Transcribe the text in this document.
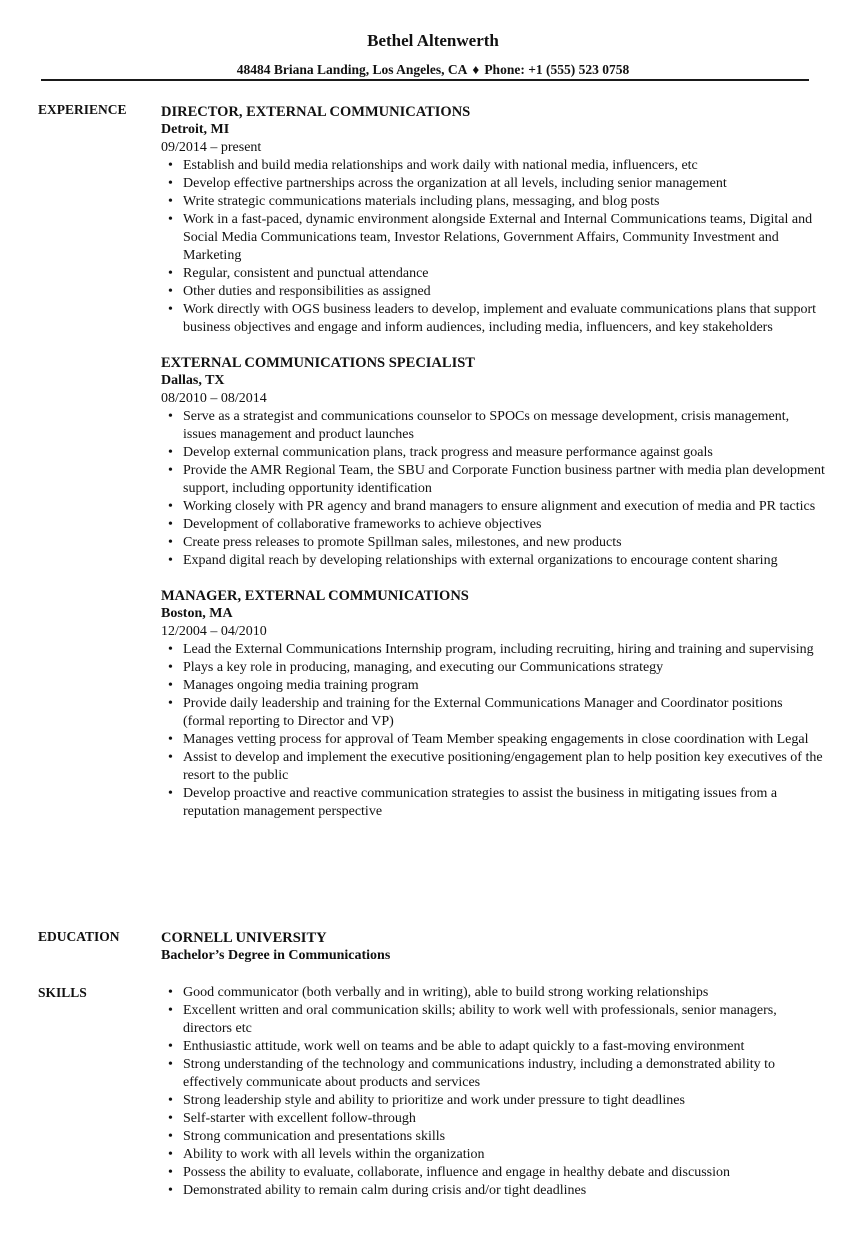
Bethel Altenwerth
48484 Briana Landing, Los Angeles, CA ♦ Phone: +1 (555) 523 0758
EXPERIENCE DIRECTOR, EXTERNAL COMMUNICATIONS
Detroit, MI
09/2014 – present
• Establish and build media relationships and work daily with national media, influencers, etc
• Develop effective partnerships across the organization at all levels, including senior management
• Write strategic communications materials including plans, messaging, and blog posts
• Work in a fast-paced, dynamic environment alongside External and Internal Communications teams, Digital and Social Media Communications team, Investor Relations, Government Affairs, Community Investment and Marketing
• Regular, consistent and punctual attendance
• Other duties and responsibilities as assigned
• Work directly with OGS business leaders to develop, implement and evaluate communications plans that support business objectives and engage and inform audiences, including media, influencers, and key stakeholders
EXTERNAL COMMUNICATIONS SPECIALIST
Dallas, TX
08/2010 – 08/2014
• Serve as a strategist and communications counselor to SPOCs on message development, crisis management, issues management and product launches
• Develop external communication plans, track progress and measure performance against goals
• Provide the AMR Regional Team, the SBU and Corporate Function business partner with media plan development support, including opportunity identification
• Working closely with PR agency and brand managers to ensure alignment and execution of media and PR tactics
• Development of collaborative frameworks to achieve objectives
• Create press releases to promote Spillman sales, milestones, and new products
• Expand digital reach by developing relationships with external organizations to encourage content sharing
MANAGER, EXTERNAL COMMUNICATIONS
Boston, MA
12/2004 – 04/2010
• Lead the External Communications Internship program, including recruiting, hiring and training and supervising
• Plays a key role in producing, managing, and executing our Communications strategy
• Manages ongoing media training program
• Provide daily leadership and training for the External Communications Manager and Coordinator positions (formal reporting to Director and VP)
• Manages vetting process for approval of Team Member speaking engagements in close coordination with Legal
• Assist to develop and implement the executive positioning/engagement plan to help position key executives of the resort to the public
• Develop proactive and reactive communication strategies to assist the business in mitigating issues from a reputation management perspective
EDUCATION	CORNELL UNIVERSITY
Bachelor’s Degree in Communications
SKILLS
•	Good communicator (both verbally and in writing), able to build strong working relationships
• Excellent written and oral communication skills; ability to work well with professionals, senior managers, directors etc
• Enthusiastic attitude, work well on teams and be able to adapt quickly to a fast-moving environment
• Strong understanding of the technology and communications industry, including a demonstrated ability to effectively communicate about products and services
• Strong leadership style and ability to prioritize and work under pressure to tight deadlines
• Self-starter with excellent follow-through
• Strong communication and presentations skills
• Ability to work with all levels within the organization
• Possess the ability to evaluate, collaborate, influence and engage in healthy debate and discussion
• Demonstrated ability to remain calm during crisis and/or tight deadlines
